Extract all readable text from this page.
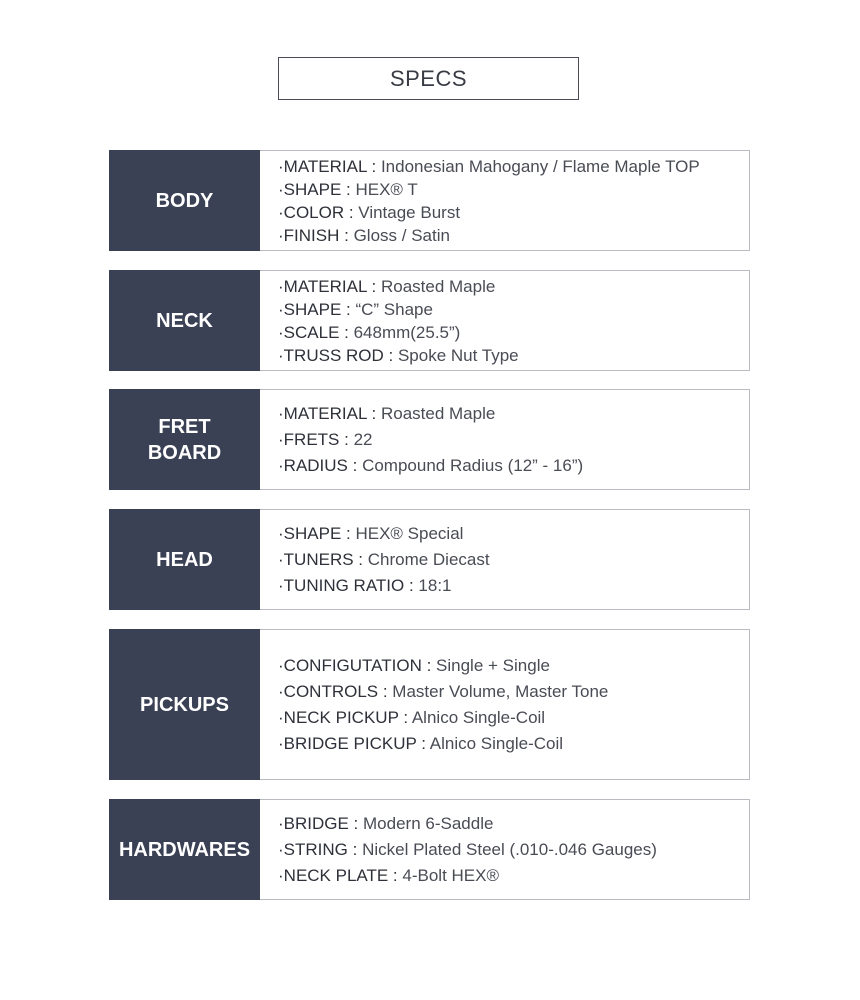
SPECS
BODY
·MATERIAL : Indonesian Mahogany / Flame Maple TOP
·SHAPE : HEX® T
·COLOR : Vintage Burst
·FINISH : Gloss / Satin
NECK
·MATERIAL : Roasted Maple
·SHAPE : “C” Shape
·SCALE : 648mm(25.5”)
·TRUSS ROD : Spoke Nut Type
FRET
BOARD
·MATERIAL : Roasted Maple
·FRETS : 22
·RADIUS : Compound Radius (12” - 16”)
HEAD
·SHAPE : HEX® Special
·TUNERS : Chrome Diecast
·TUNING RATIO : 18:1
PICKUPS
·CONFIGUTATION : Single + Single
·CONTROLS : Master Volume, Master Tone
·NECK PICKUP : Alnico Single-Coil
·BRIDGE PICKUP : Alnico Single-Coil
HARDWARES
·BRIDGE : Modern 6-Saddle
·STRING : Nickel Plated Steel (.010-.046 Gauges)
·NECK PLATE : 4-Bolt HEX®
